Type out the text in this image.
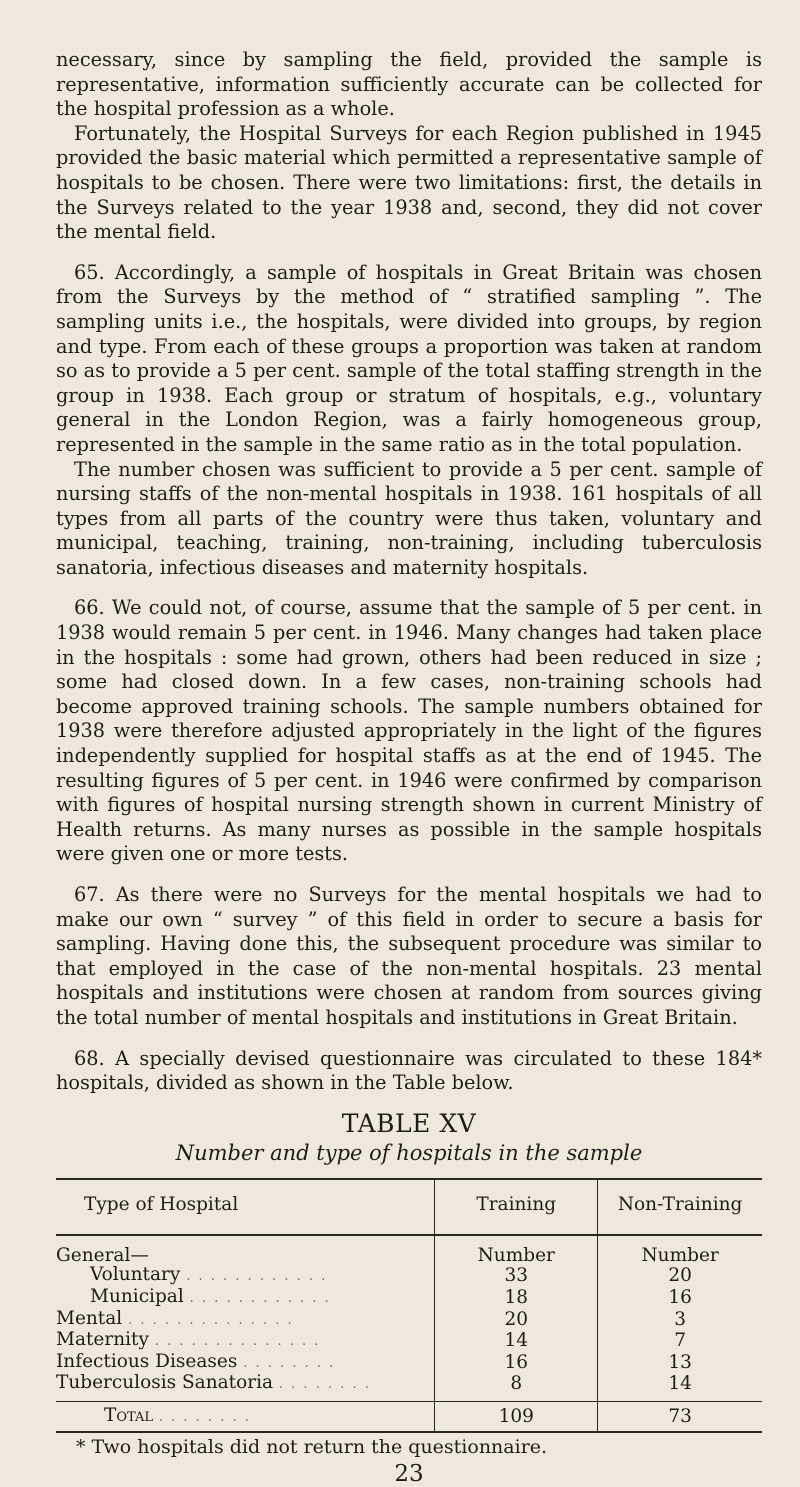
necessary, since by sampling the field, provided the sample is representative, information sufficiently accurate can be collected for the hospital profession as a whole.

Fortunately, the Hospital Surveys for each Region published in 1945 provided the basic material which permitted a representative sample of hospitals to be chosen. There were two limitations: first, the details in the Surveys related to the year 1938 and, second, they did not cover the mental field.

65. Accordingly, a sample of hospitals in Great Britain was chosen from the Surveys by the method of “ stratified sampling ”. The sampling units i.e., the hospitals, were divided into groups, by region and type. From each of these groups a proportion was taken at random so as to provide a 5 per cent. sample of the total staffing strength in the group in 1938. Each group or stratum of hospitals, e.g., voluntary general in the London Region, was a fairly homogeneous group, represented in the sample in the same ratio as in the total population.

The number chosen was sufficient to provide a 5 per cent. sample of nursing staffs of the non-mental hospitals in 1938. 161 hospitals of all types from all parts of the country were thus taken, voluntary and municipal, teaching, training, non-training, including tuberculosis sanatoria, infectious diseases and maternity hospitals.

66. We could not, of course, assume that the sample of 5 per cent. in 1938 would remain 5 per cent. in 1946. Many changes had taken place in the hospitals : some had grown, others had been reduced in size ; some had closed down. In a few cases, non-training schools had become approved training schools. The sample numbers obtained for 1938 were therefore adjusted appropriately in the light of the figures independently supplied for hospital staffs as at the end of 1945. The resulting figures of 5 per cent. in 1946 were confirmed by comparison with figures of hospital nursing strength shown in current Ministry of Health returns. As many nurses as possible in the sample hospitals were given one or more tests.

67. As there were no Surveys for the mental hospitals we had to make our own “ survey ” of this field in order to secure a basis for sampling. Having done this, the subsequent procedure was similar to that employed in the case of the non-mental hospitals. 23 mental hospitals and institutions were chosen at random from sources giving the total number of mental hospitals and institutions in Great Britain.

68. A specially devised questionnaire was circulated to these 184* hospitals, divided as shown in the Table below.

TABLE XV
Number and type of hospitals in the sample
Type of Hospital	Training	Non-Training
General—	Number	Number
Voluntary . . . . . . . . . . . .	33	20
Municipal . . . . . . . . . . . .	18	16
Mental . . . . . . . . . . . . . .	20	3
Maternity . . . . . . . . . . . . . .	14	7
Infectious Diseases . . . . . . . .	16	13
Tuberculosis Sanatoria . . . . . . . .	8	14
Total . . . . . . . .	109	73
* Two hospitals did not return the questionnaire.
23
